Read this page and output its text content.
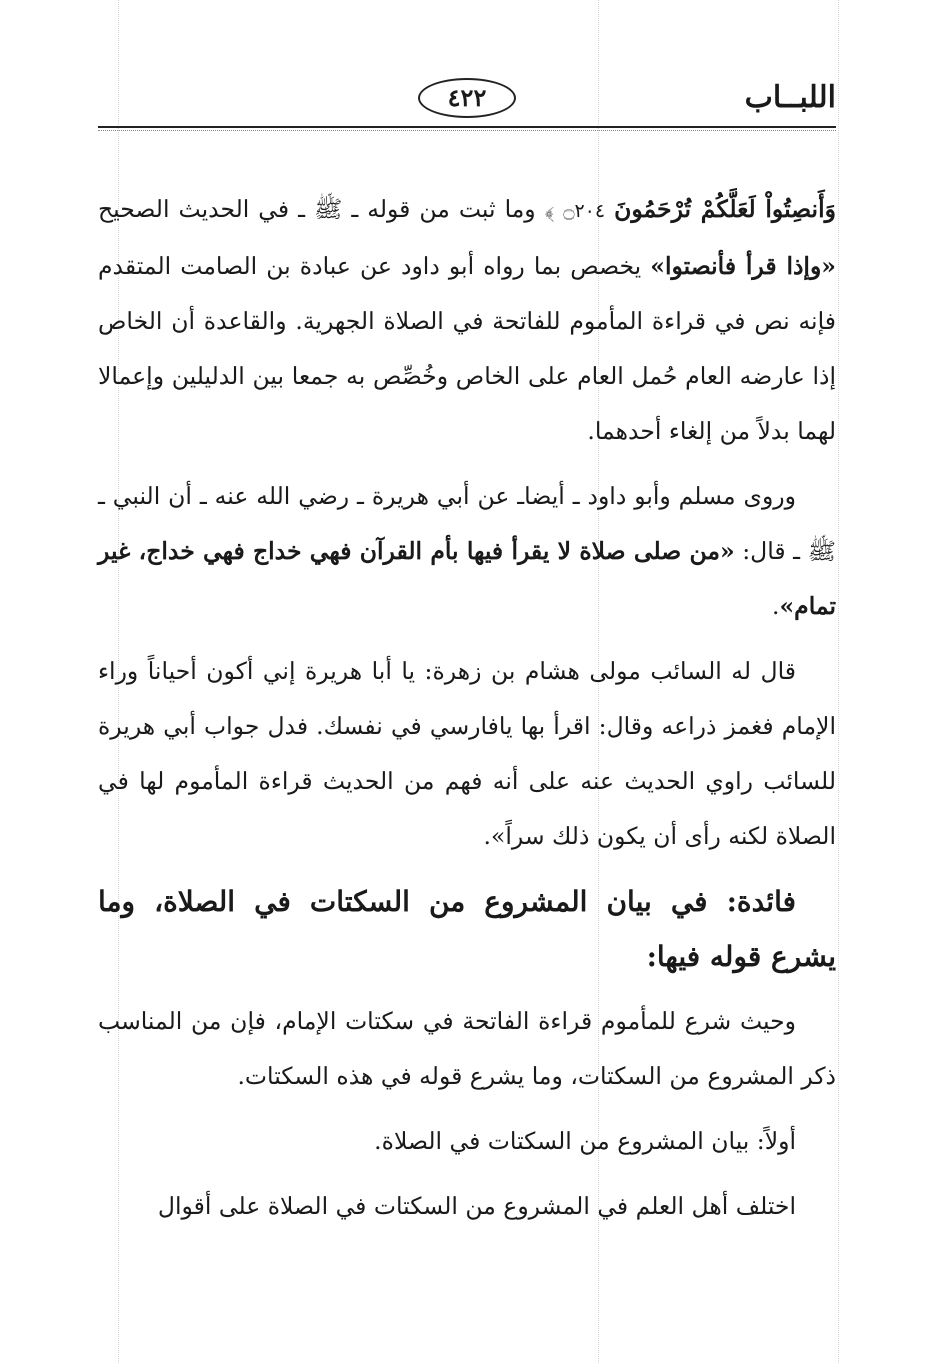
اللبــاب
٤٢٢

وَأَنصِتُواْ لَعَلَّكُمْ تُرْحَمُونَ ۝٢٠٤ ﴾ وما ثبت من قوله ـ ﷺ ـ في الحديث الصحيح «وإذا قرأ فأنصتوا» يخصص بما رواه أبو داود عن عبادة بن الصامت المتقدم فإنه نص في قراءة المأموم للفاتحة في الصلاة الجهرية. والقاعدة أن الخاص إذا عارضه العام حُمل العام على الخاص وخُصِّص به جمعا بين الدليلين وإعمالا لهما بدلاً من إلغاء أحدهما.

وروى مسلم وأبو داود ـ أيضاـ عن أبي هريرة ـ رضي الله عنه ـ أن النبي ـ ﷺ ـ قال: «من صلى صلاة لا يقرأ فيها بأم القرآن فهي خداج فهي خداج، غير تمام».

قال له السائب مولى هشام بن زهرة: يا أبا هريرة إني أكون أحياناً وراء الإمام فغمز ذراعه وقال: اقرأ بها يافارسي في نفسك. فدل جواب أبي هريرة للسائب راوي الحديث عنه على أنه فهم من الحديث قراءة المأموم لها في الصلاة لكنه رأى أن يكون ذلك سراً».

فائدة: في بيان المشروع من السكتات في الصلاة، وما يشرع قوله فيها:

وحيث شرع للمأموم قراءة الفاتحة في سكتات الإمام، فإن من المناسب ذكر المشروع من السكتات، وما يشرع قوله في هذه السكتات.

أولاً: بيان المشروع من السكتات في الصلاة.

اختلف أهل العلم في المشروع من السكتات في الصلاة على أقوال
